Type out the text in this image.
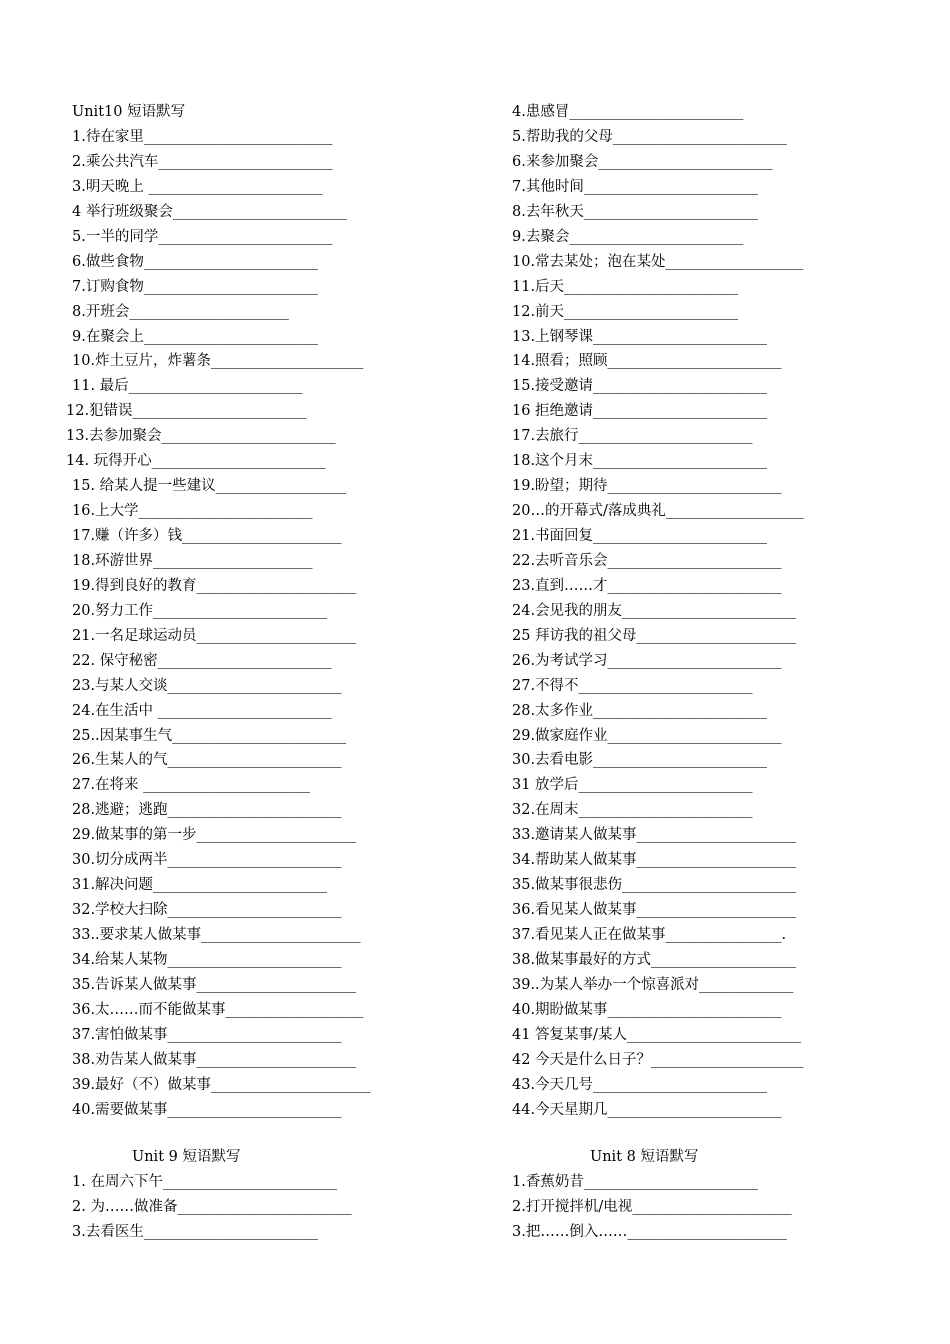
Unit10 短语默写
1.待在家里__________________________
2.乘公共汽车________________________
3.明天晚上 ________________________
4 举行班级聚会________________________
5.一半的同学________________________
6.做些食物________________________
7.订购食物________________________
8.开班会______________________
9.在聚会上________________________
10.炸土豆片，炸薯条_____________________
11. 最后________________________
12.犯错误________________________
13.去参加聚会________________________
14. 玩得开心________________________
15. 给某人提一些建议__________________
16.上大学________________________
17.赚（许多）钱______________________
18.环游世界______________________
19.得到良好的教育______________________
20.努力工作________________________
21.一名足球运动员______________________
22. 保守秘密________________________
23.与某人交谈________________________
24.在生活中 ________________________
25..因某事生气________________________
26.生某人的气________________________
27.在将来 _______________________
28.逃避；逃跑________________________
29.做某事的第一步______________________
30.切分成两半________________________
31.解决问题________________________
32.学校大扫除________________________
33..要求某人做某事______________________
34.给某人某物________________________
35.告诉某人做某事______________________
36.太……而不能做某事___________________
37.害怕做某事________________________
38.劝告某人做某事______________________
39.最好（不）做某事______________________
40.需要做某事________________________
4.患感冒________________________
5.帮助我的父母________________________
6.来参加聚会________________________
7.其他时间________________________
8.去年秋天________________________
9.去聚会________________________
10.常去某处；泡在某处___________________
11.后天________________________
12.前天________________________
13.上钢琴课________________________
14.照看；照顾________________________
15.接受邀请________________________
16 拒绝邀请________________________
17.去旅行________________________
18.这个月末________________________
19.盼望；期待________________________
20…的开幕式/落成典礼___________________
21.书面回复________________________
22.去听音乐会________________________
23.直到……才________________________
24.会见我的朋友________________________
25 拜访我的祖父母______________________
26.为考试学习________________________
27.不得不________________________
28.太多作业________________________
29.做家庭作业________________________
30.去看电影________________________
31 放学后________________________
32.在周末________________________
33.邀请某人做某事______________________
34.帮助某人做某事______________________
35.做某事很悲伤________________________
36.看见某人做某事______________________
37.看见某人正在做某事________________.
38.做某事最好的方式____________________
39..为某人举办一个惊喜派对_____________
40.期盼做某事________________________
41 答复某事/某人________________________
42 今天是什么日子？_____________________
43.今天几号________________________
44.今天星期几________________________
Unit 9 短语默写
1. 在周六下午________________________
2. 为……做准备________________________
3.去看医生________________________
Unit 8 短语默写
1.香蕉奶昔________________________
2.打开搅拌机/电视______________________
3.把……倒入……______________________
